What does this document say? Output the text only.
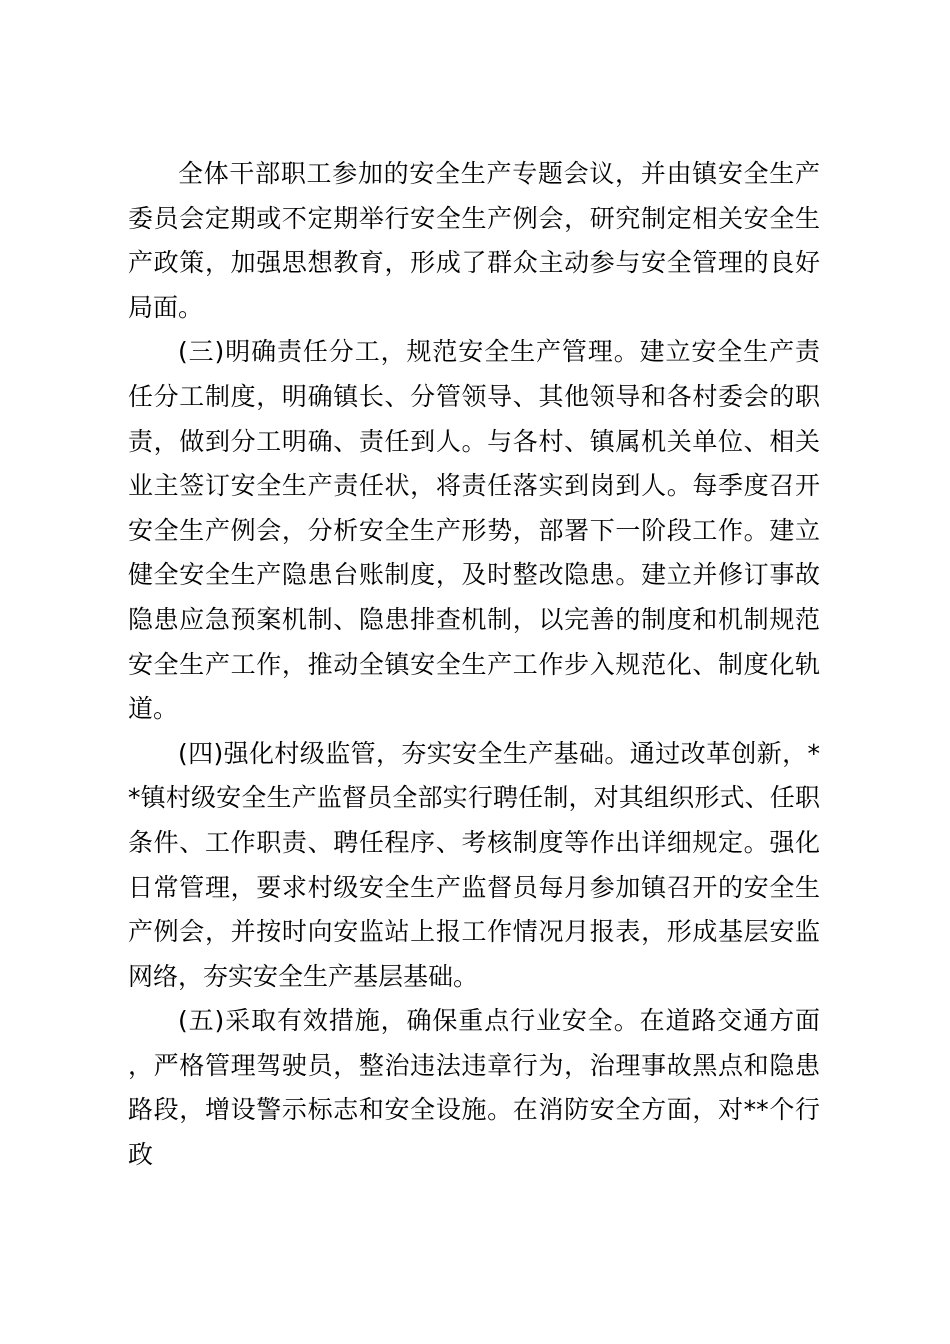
全体干部职工参加的安全生产专题会议，并由镇安全生产委员会定期或不定期举行安全生产例会，研究制定相关安全生产政策，加强思想教育，形成了群众主动参与安全管理的良好局面。

(三)明确责任分工，规范安全生产管理。建立安全生产责任分工制度，明确镇长、分管领导、其他领导和各村委会的职责，做到分工明确、责任到人。与各村、镇属机关单位、相关业主签订安全生产责任状，将责任落实到岗到人。每季度召开安全生产例会，分析安全生产形势，部署下一阶段工作。建立健全安全生产隐患台账制度，及时整改隐患。建立并修订事故隐患应急预案机制、隐患排查机制，以完善的制度和机制规范安全生产工作，推动全镇安全生产工作步入规范化、制度化轨道。

(四)强化村级监管，夯实安全生产基础。通过改革创新，**镇村级安全生产监督员全部实行聘任制，对其组织形式、任职条件、工作职责、聘任程序、考核制度等作出详细规定。强化日常管理，要求村级安全生产监督员每月参加镇召开的安全生产例会，并按时向安监站上报工作情况月报表，形成基层安监网络，夯实安全生产基层基础。

(五)采取有效措施，确保重点行业安全。在道路交通方面，严格管理驾驶员，整治违法违章行为，治理事故黑点和隐患路段，增设警示标志和安全设施。在消防安全方面，对**个行政
